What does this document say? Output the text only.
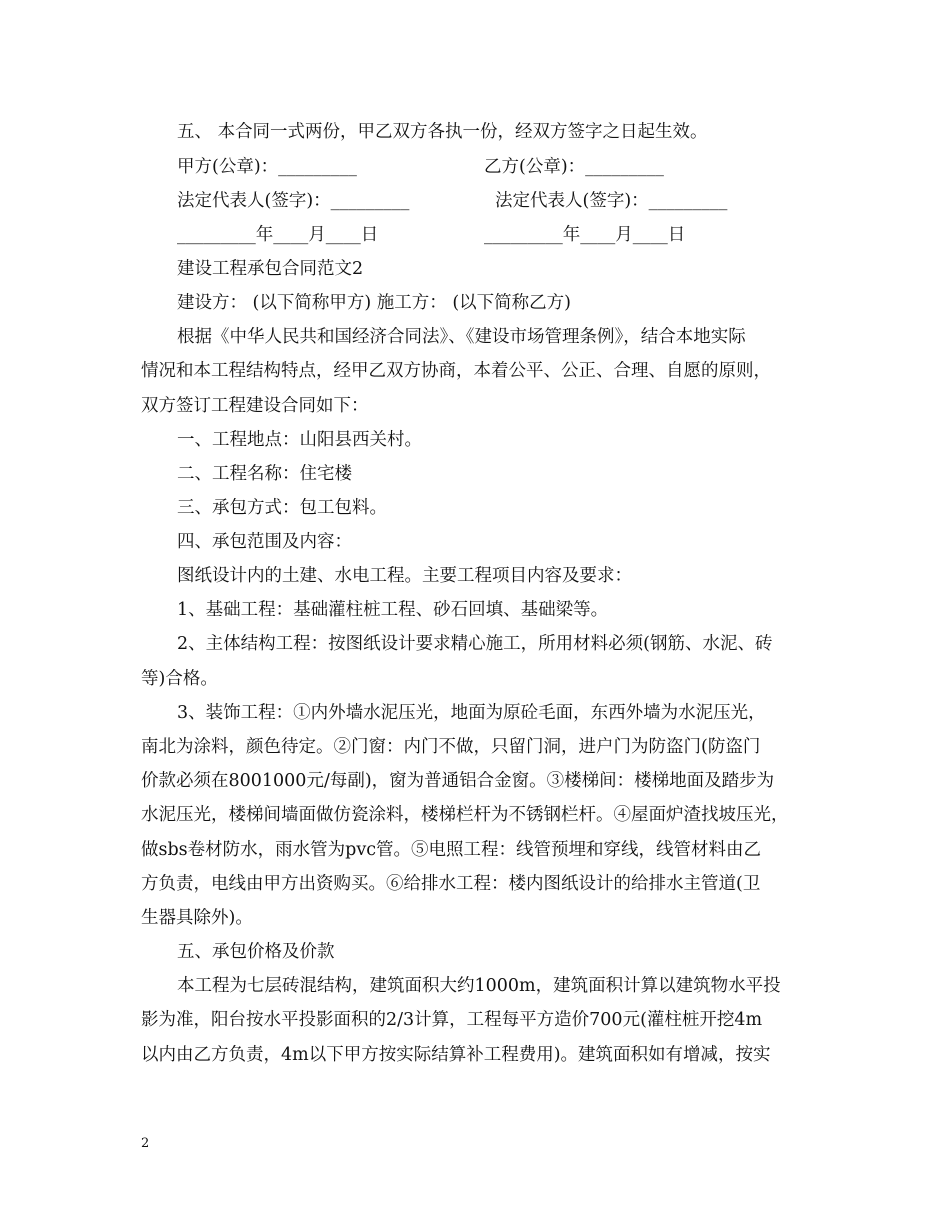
五、 本合同一式两份，甲乙双方各执一份，经双方签字之日起生效。

甲方(公章)：_________	乙方(公章)：_________

法定代表人(签字)：_________	法定代表人(签字)：_________

_________年____月____日	_________年____月____日

建设工程承包合同范文2

建设方： (以下简称甲方) 施工方： (以下简称乙方)

根据《中华人民共和国经济合同法》、《建设市场管理条例》，结合本地实际

情况和本工程结构特点，经甲乙双方协商，本着公平、公正、合理、自愿的原则，

双方签订工程建设合同如下：

一、工程地点：山阳县西关村。

二、工程名称：住宅楼

三、承包方式：包工包料。

四、承包范围及内容：

图纸设计内的土建、水电工程。主要工程项目内容及要求：

1、基础工程：基础灌柱桩工程、砂石回填、基础梁等。

2、主体结构工程：按图纸设计要求精心施工，所用材料必须(钢筋、水泥、砖

等)合格。

3、装饰工程：①内外墙水泥压光，地面为原砼毛面，东西外墙为水泥压光，

南北为涂料，颜色待定。②门窗：内门不做，只留门洞，进户门为防盗门(防盗门

价款必须在8001000元/每副)，窗为普通铝合金窗。③楼梯间：楼梯地面及踏步为

水泥压光，楼梯间墙面做仿瓷涂料，楼梯栏杆为不锈钢栏杆。④屋面炉渣找坡压光，

做sbs卷材防水，雨水管为pvc管。⑤电照工程：线管预埋和穿线，线管材料由乙

方负责，电线由甲方出资购买。⑥给排水工程：楼内图纸设计的给排水主管道(卫

生器具除外)。

五、承包价格及价款

本工程为七层砖混结构，建筑面积大约1000m，建筑面积计算以建筑物水平投

影为准，阳台按水平投影面积的2/3计算，工程每平方造价700元(灌柱桩开挖4m

以内由乙方负责，4m以下甲方按实际结算补工程费用)。建筑面积如有增减，按实

2
